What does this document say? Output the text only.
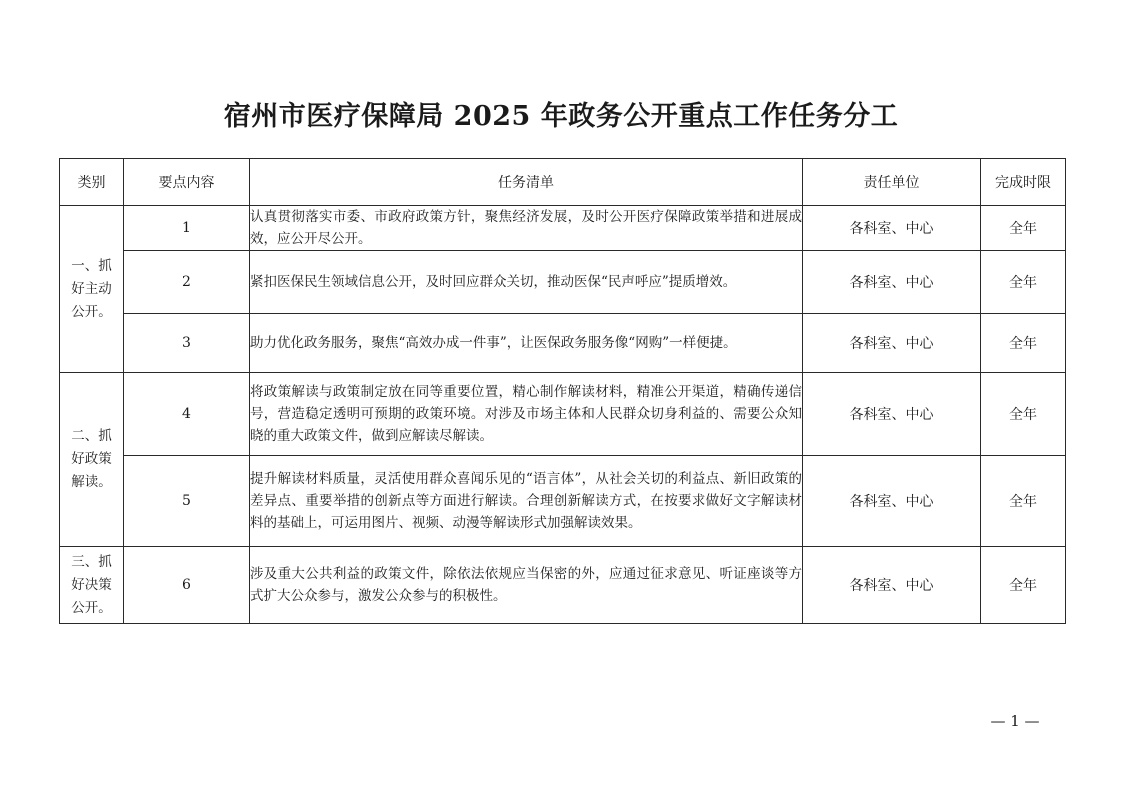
宿州市医疗保障局 2025 年政务公开重点工作任务分工
类别	要点内容	任务清单	责任单位	完成时限
一、抓
好主动
公开。	1	认真贯彻落实市委、市政府政策方针，聚焦经济发展，及时公开医疗保障政策举措和进展成效，应公开尽公开。	各科室、中心	全年
	2	紧扣医保民生领域信息公开，及时回应群众关切，推动医保“民声呼应”提质增效。	各科室、中心	全年
	3	助力优化政务服务，聚焦“高效办成一件事”，让医保政务服务像“网购”一样便捷。	各科室、中心	全年
二、抓
好政策
解读。	4	将政策解读与政策制定放在同等重要位置，精心制作解读材料，精准公开渠道，精确传递信号，营造稳定透明可预期的政策环境。对涉及市场主体和人民群众切身利益的、需要公众知晓的重大政策文件，做到应解读尽解读。	各科室、中心	全年
	5	提升解读材料质量，灵活使用群众喜闻乐见的“语言体”，从社会关切的利益点、新旧政策的差异点、重要举措的创新点等方面进行解读。合理创新解读方式，在按要求做好文字解读材料的基础上，可运用图片、视频、动漫等解读形式加强解读效果。	各科室、中心	全年
三、抓
好决策
公开。	6	涉及重大公共利益的政策文件，除依法依规应当保密的外，应通过征求意见、听证座谈等方式扩大公众参与，激发公众参与的积极性。	各科室、中心	全年
— 1 —
